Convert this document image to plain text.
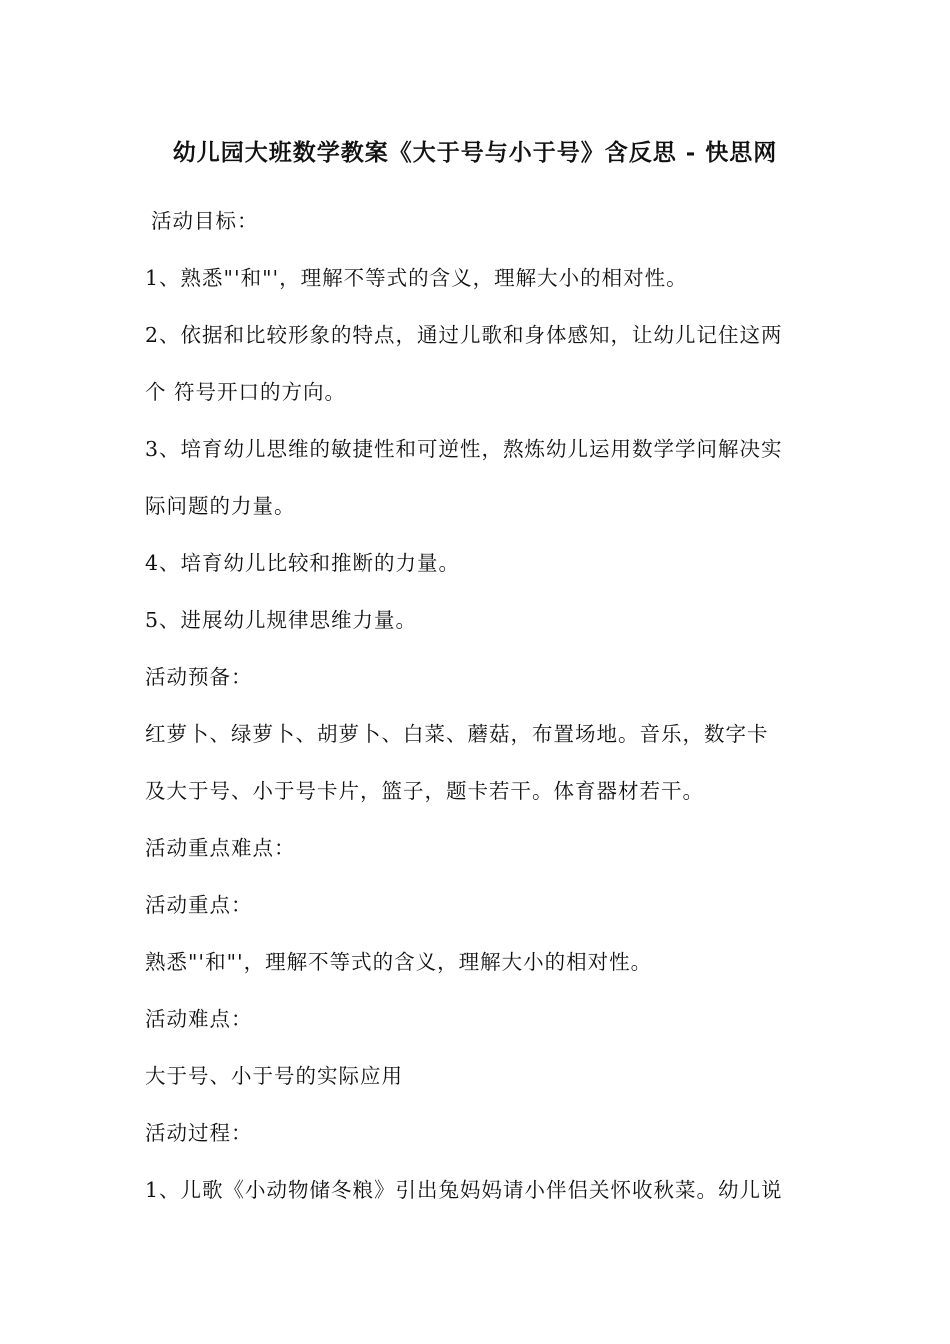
幼儿园大班数学教案《大于号与小于号》含反思 - 快思网
活动目标：
1、熟悉"'和"'，理解不等式的含义，理解大小的相对性。
2、依据和比较形象的特点，通过儿歌和身体感知，让幼儿记住这两
个 符号开口的方向。
3、培育幼儿思维的敏捷性和可逆性，熬炼幼儿运用数学学问解决实
际问题的力量。
4、培育幼儿比较和推断的力量。
5、进展幼儿规律思维力量。
活动预备：
红萝卜、绿萝卜、胡萝卜、白菜、蘑菇，布置场地。音乐，数字卡
及大于号、小于号卡片，篮子，题卡若干。体育器材若干。
活动重点难点：
活动重点：
熟悉"'和"'，理解不等式的含义，理解大小的相对性。
活动难点：
大于号、小于号的实际应用
活动过程：
1、儿歌《小动物储冬粮》引出兔妈妈请小伴侣关怀收秋菜。幼儿说
